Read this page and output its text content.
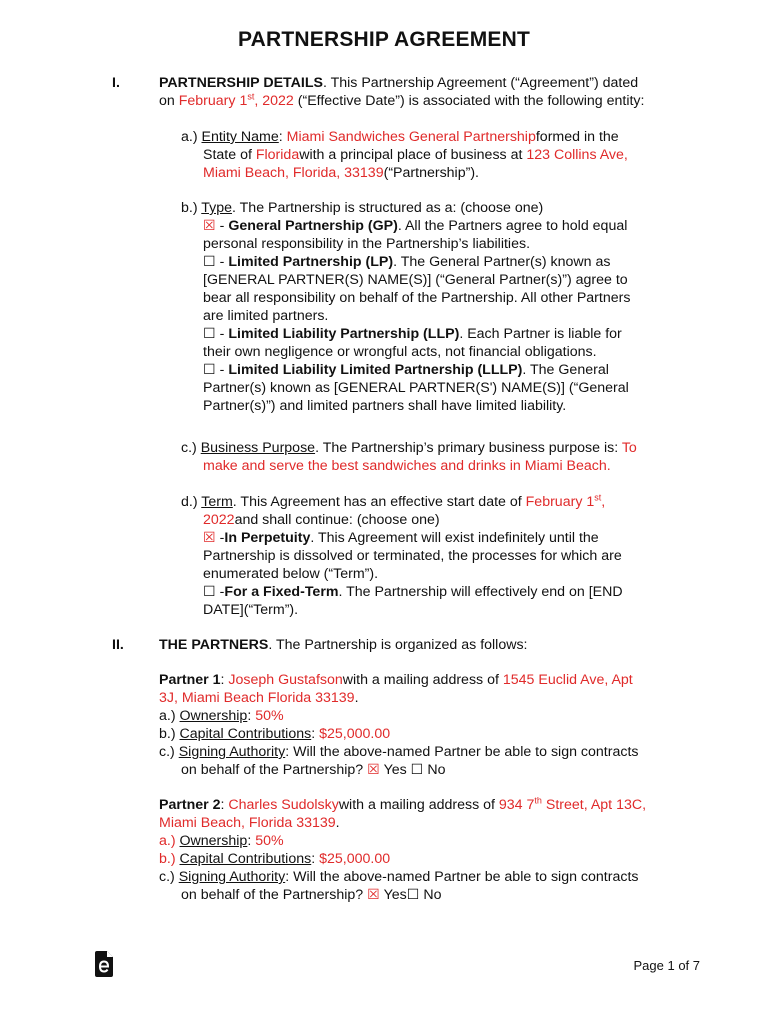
PARTNERSHIP AGREEMENT
I.	PARTNERSHIP DETAILS. This Partnership Agreement (“Agreement”) dated
on February 1st, 2022 (“Effective Date”) is associated with the following entity:
a.) Entity Name: Miami Sandwiches General Partnershipformed in the
State of Floridawith a principal place of business at 123 Collins Ave,
Miami Beach, Florida, 33139(“Partnership”).
b.) Type. The Partnership is structured as a: (choose one)
☒ - General Partnership (GP). All the Partners agree to hold equal
personal responsibility in the Partnership’s liabilities.
☐ - Limited Partnership (LP). The General Partner(s) known as
[GENERAL PARTNER(S) NAME(S)] (“General Partner(s)”) agree to
bear all responsibility on behalf of the Partnership. All other Partners
are limited partners.
☐ - Limited Liability Partnership (LLP). Each Partner is liable for
their own negligence or wrongful acts, not financial obligations.
☐ - Limited Liability Limited Partnership (LLLP). The General
Partner(s) known as [GENERAL PARTNER(S') NAME(S)] (“General
Partner(s)”) and limited partners shall have limited liability.
c.) Business Purpose. The Partnership’s primary business purpose is: To
make and serve the best sandwiches and drinks in Miami Beach.
d.) Term. This Agreement has an effective start date of February 1st,
2022and shall continue: (choose one)
☒ -In Perpetuity. This Agreement will exist indefinitely until the
Partnership is dissolved or terminated, the processes for which are
enumerated below (“Term”).
☐ -For a Fixed-Term. The Partnership will effectively end on [END
DATE](“Term”).
II. THE PARTNERS. The Partnership is organized as follows:
Partner 1: Joseph Gustafsonwith a mailing address of 1545 Euclid Ave, Apt
3J, Miami Beach Florida 33139.
a.) Ownership: 50%
b.) Capital Contributions: $25,000.00
c.) Signing Authority: Will the above-named Partner be able to sign contracts
on behalf of the Partnership? ☒ Yes ☐ No
Partner 2: Charles Sudolskywith a mailing address of 934 7th Street, Apt 13C,
Miami Beach, Florida 33139.
a.) Ownership: 50%
b.) Capital Contributions: $25,000.00
c.) Signing Authority: Will the above-named Partner be able to sign contracts
on behalf of the Partnership? ☒ Yes☐ No
Page 1 of 7
